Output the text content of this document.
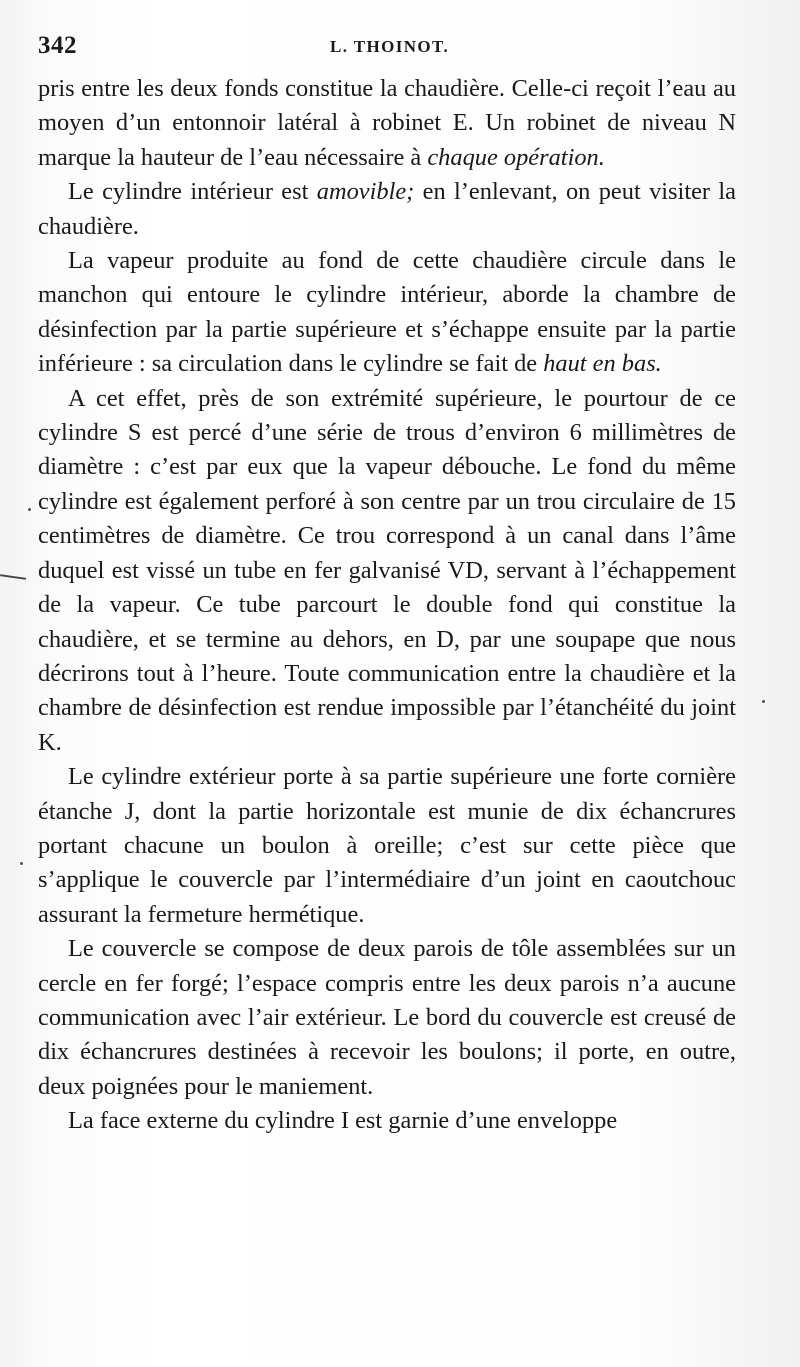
342	L. THOINOT.

pris entre les deux fonds constitue la chaudière. Celle-ci reçoit l’eau au moyen d’un entonnoir latéral à robinet E. Un robinet de niveau N marque la hauteur de l’eau nécessaire à chaque opération.

Le cylindre intérieur est amovible; en l’enlevant, on peut visiter la chaudière.

La vapeur produite au fond de cette chaudière circule dans le manchon qui entoure le cylindre intérieur, aborde la chambre de désinfection par la partie supérieure et s’échappe ensuite par la partie inférieure : sa circulation dans le cylindre se fait de haut en bas.

A cet effet, près de son extrémité supérieure, le pourtour de ce cylindre S est percé d’une série de trous d’environ 6 millimètres de diamètre : c’est par eux que la vapeur débouche. Le fond du même cylindre est également perforé à son centre par un trou circulaire de 15 centimètres de diamètre. Ce trou correspond à un canal dans l’âme duquel est vissé un tube en fer galvanisé VD, servant à l’échappement de la vapeur. Ce tube parcourt le double fond qui constitue la chaudière, et se termine au dehors, en D, par une soupape que nous décrirons tout à l’heure. Toute communication entre la chaudière et la chambre de désinfection est rendue impossible par l’étanchéité du joint K.

Le cylindre extérieur porte à sa partie supérieure une forte cornière étanche J, dont la partie horizontale est munie de dix échancrures portant chacune un boulon à oreille; c’est sur cette pièce que s’applique le couvercle par l’intermédiaire d’un joint en caoutchouc assurant la fermeture hermétique.

Le couvercle se compose de deux parois de tôle assemblées sur un cercle en fer forgé; l’espace compris entre les deux parois n’a aucune communication avec l’air extérieur. Le bord du couvercle est creusé de dix échancrures destinées à recevoir les boulons; il porte, en outre, deux poignées pour le maniement.

La face externe du cylindre I est garnie d’une enveloppe
